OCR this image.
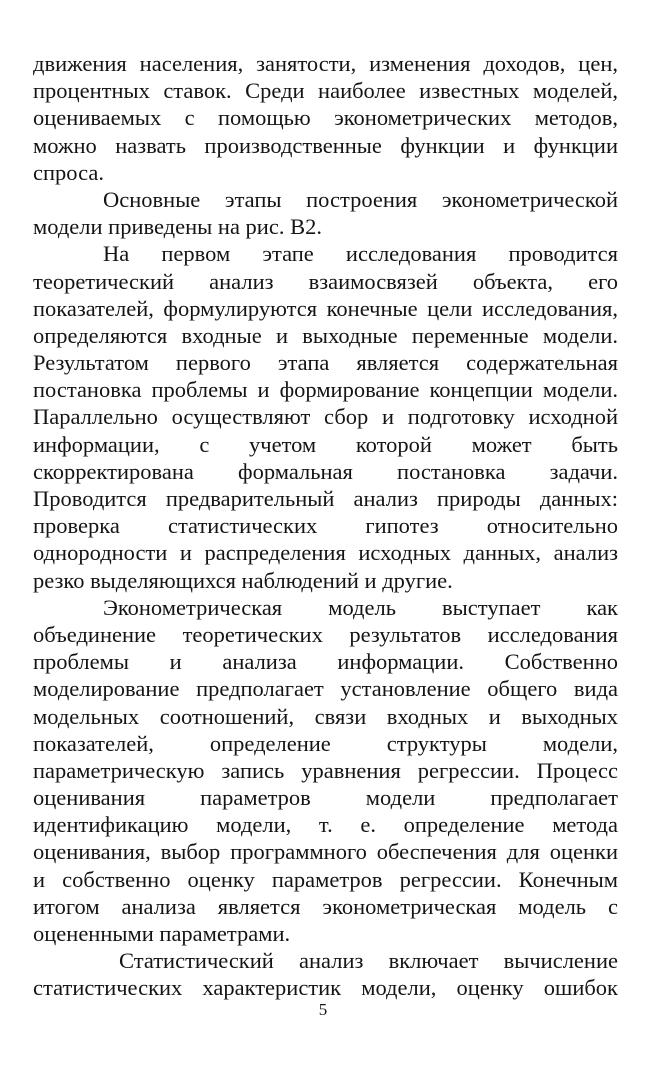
движения населения, занятости, изменения доходов, цен,
процентных ставок. Среди наиболее известных моделей,
оцениваемых с помощью эконометрических методов,
можно назвать производственные функции и функции
спроса.
Основные этапы построения эконометрической
модели приведены на рис. В2.
На первом этапе исследования проводится
теоретический анализ взаимосвязей объекта, его
показателей, формулируются конечные цели исследования,
определяются входные и выходные переменные модели.
Результатом первого этапа является содержательная
постановка проблемы и формирование концепции модели.
Параллельно осуществляют сбор и подготовку исходной
информации, с учетом которой может быть
скорректирована формальная постановка задачи.
Проводится предварительный анализ природы данных:
проверка статистических гипотез относительно
однородности и распределения исходных данных, анализ
резко выделяющихся наблюдений и другие.
Эконометрическая модель выступает как
объединение теоретических результатов исследования
проблемы и анализа информации. Собственно
моделирование предполагает установление общего вида
модельных соотношений, связи входных и выходных
показателей, определение структуры модели,
параметрическую запись уравнения регрессии. Процесс
оценивания параметров модели предполагает
идентификацию модели, т. е. определение метода
оценивания, выбор программного обеспечения для оценки
и собственно оценку параметров регрессии. Конечным
итогом анализа является эконометрическая модель с
оцененными параметрами.
Статистический анализ включает вычисление
статистических характеристик модели, оценку ошибок
5
